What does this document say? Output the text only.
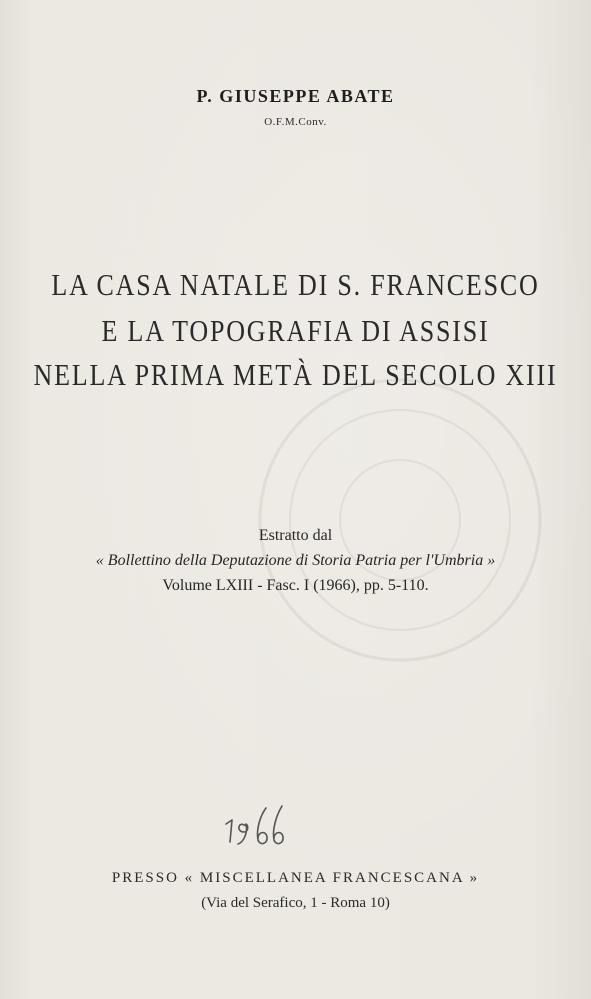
P. GIUSEPPE ABATE
O.F.M.Conv.
LA CASA NATALE DI S. FRANCESCO
E LA TOPOGRAFIA DI ASSISI
NELLA PRIMA METÀ DEL SECOLO XIII
Estratto dal
« Bollettino della Deputazione di Storia Patria per l'Umbria »
Volume LXIII - Fasc. I (1966), pp. 5-110.
PRESSO « MISCELLANEA FRANCESCANA »
(Via del Serafico, 1 - Roma 10)
